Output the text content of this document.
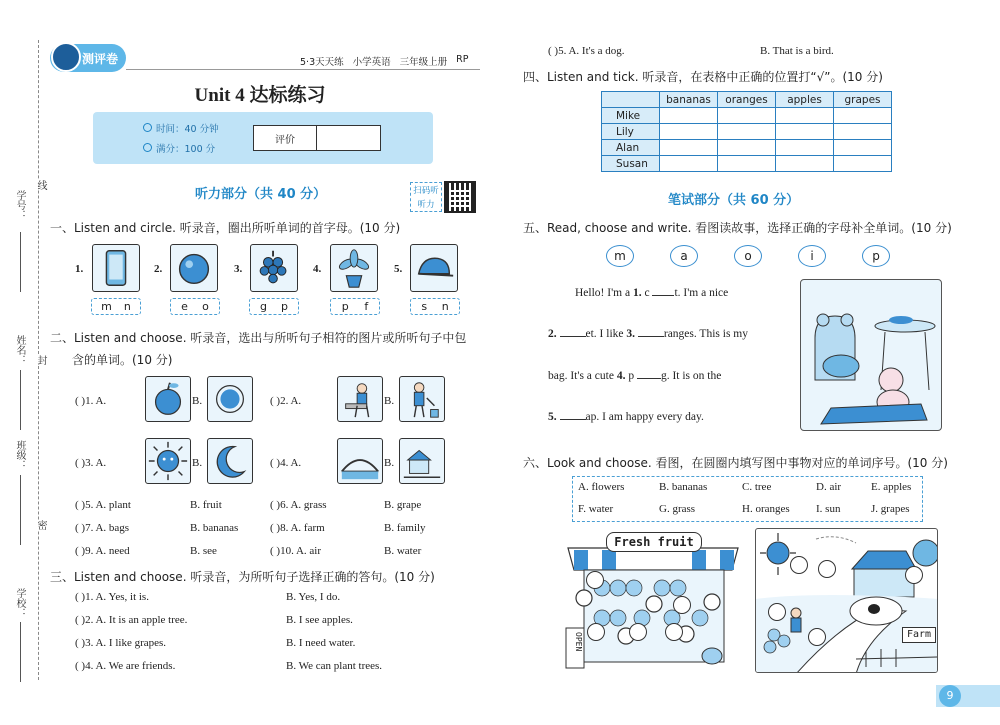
学号：
线
姓名： 封
班级：
密
学校：
测评卷	5·3天天练 小学英语 三年级上册 RP
Unit 4 达标练习
时间：40 分钟
满分：100 分
评价
听力部分（共 40 分）	扫码听听力
一、Listen and circle. 听录音，圈出所听单词的首字母。(10 分)
1.
m n
2.
e o
3.
g p
4.
p f
5.
s n
二、Listen and choose. 听录音，选出与所听句子相符的图片或所听句子中包
含的单词。(10 分)
( )1. A.	B.	( )2. A.	B.
( )3. A.	B.	( )4. A.	B.
( )5. A. plant	B. fruit	( )6. A. grass	B. grape
( )7. A. bags	B. bananas	( )8. A. farm	B. family
( )9. A. need	B. see	( )10. A. air	B. water
三、Listen and choose. 听录音，为所听句子选择正确的答句。(10 分)
( )1. A. Yes, it is.	B. Yes, I do.
( )2. A. It is an apple tree.	B. I see apples.
( )3. A. I like grapes.	B. I need water.
( )4. A. We are friends.	B. We can plant trees.
( )5. A. It's a dog.	B. That is a bird.
四、Listen and tick. 听录音，在表格中正确的位置打“√”。(10 分)
	bananas	oranges	apples	grapes
Mike				
Lily				
Alan				
Susan				
笔试部分（共 60 分）
五、Read, choose and write. 看图读故事，选择正确的字母补全单词。(10 分)
m	a	o	i	p
Hello! I'm a 1. c t. I'm a nice
2.	et. I like 3.	ranges. This is my
bag. It's a cute 4. p g. It is on the
5.	ap. I am happy every day.
六、Look and choose. 看图，在圆圈内填写图中事物对应的单词序号。(10 分)
A. flowers	B. bananas	C. tree	D. air	E. apples
F. water	G. grass	H. oranges I. sun	J. grapes
Fresh fruit
OPEN	Farm
9
